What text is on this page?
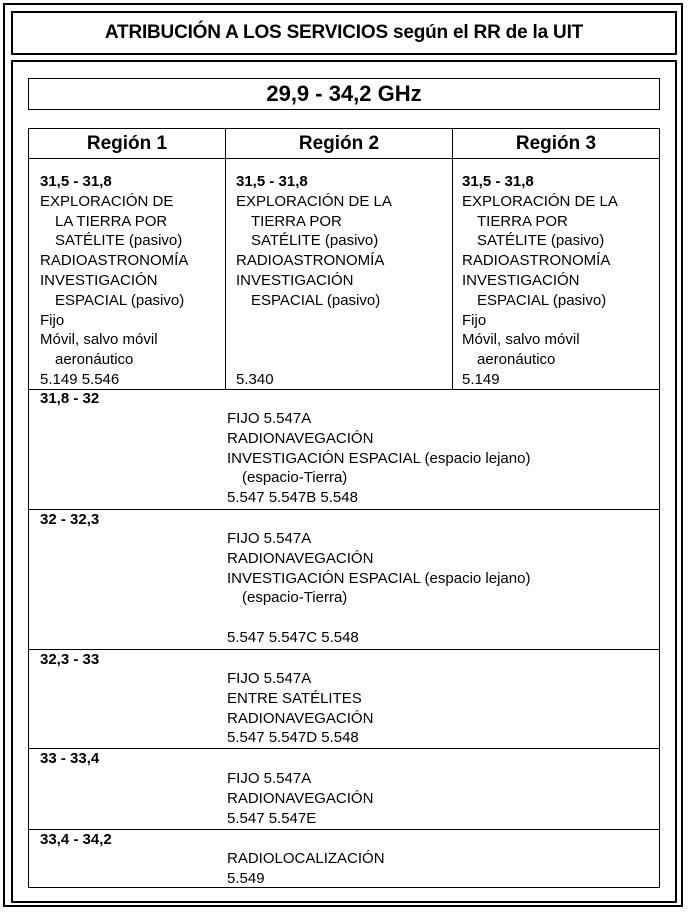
ATRIBUCIÓN A LOS SERVICIOS según el RR de la UIT
29,9 - 34,2 GHz
Región 1	Región 2	Región 3
31,5 - 31,8
EXPLORACIÓN DE
LA TIERRA POR
SATÉLITE (pasivo)
RADIOASTRONOMÍA
INVESTIGACIÓN
ESPACIAL (pasivo)
Fijo
Móvil, salvo móvil
aeronáutico
5.149 5.546
31,5 - 31,8
EXPLORACIÓN DE LA
TIERRA POR
SATÉLITE (pasivo)
RADIOASTRONOMÍA
INVESTIGACIÓN
ESPACIAL (pasivo)
5.340
31,5 - 31,8
EXPLORACIÓN DE LA
TIERRA POR
SATÉLITE (pasivo)
RADIOASTRONOMÍA
INVESTIGACIÓN
ESPACIAL (pasivo)
Fijo
Móvil, salvo móvil
aeronáutico
5.149
31,8 - 32
FIJO 5.547A
RADIONAVEGACIÓN
INVESTIGACIÓN ESPACIAL (espacio lejano)
(espacio-Tierra)
5.547 5.547B 5.548
32 - 32,3
FIJO 5.547A
RADIONAVEGACIÓN
INVESTIGACIÓN ESPACIAL (espacio lejano)
(espacio-Tierra)
5.547 5.547C 5.548
32,3 - 33
FIJO 5.547A
ENTRE SATÉLITES
RADIONAVEGACIÓN
5.547 5.547D 5.548
33 - 33,4
FIJO 5.547A
RADIONAVEGACIÓN
5.547 5.547E
33,4 - 34,2
RADIOLOCALIZACIÓN
5.549
